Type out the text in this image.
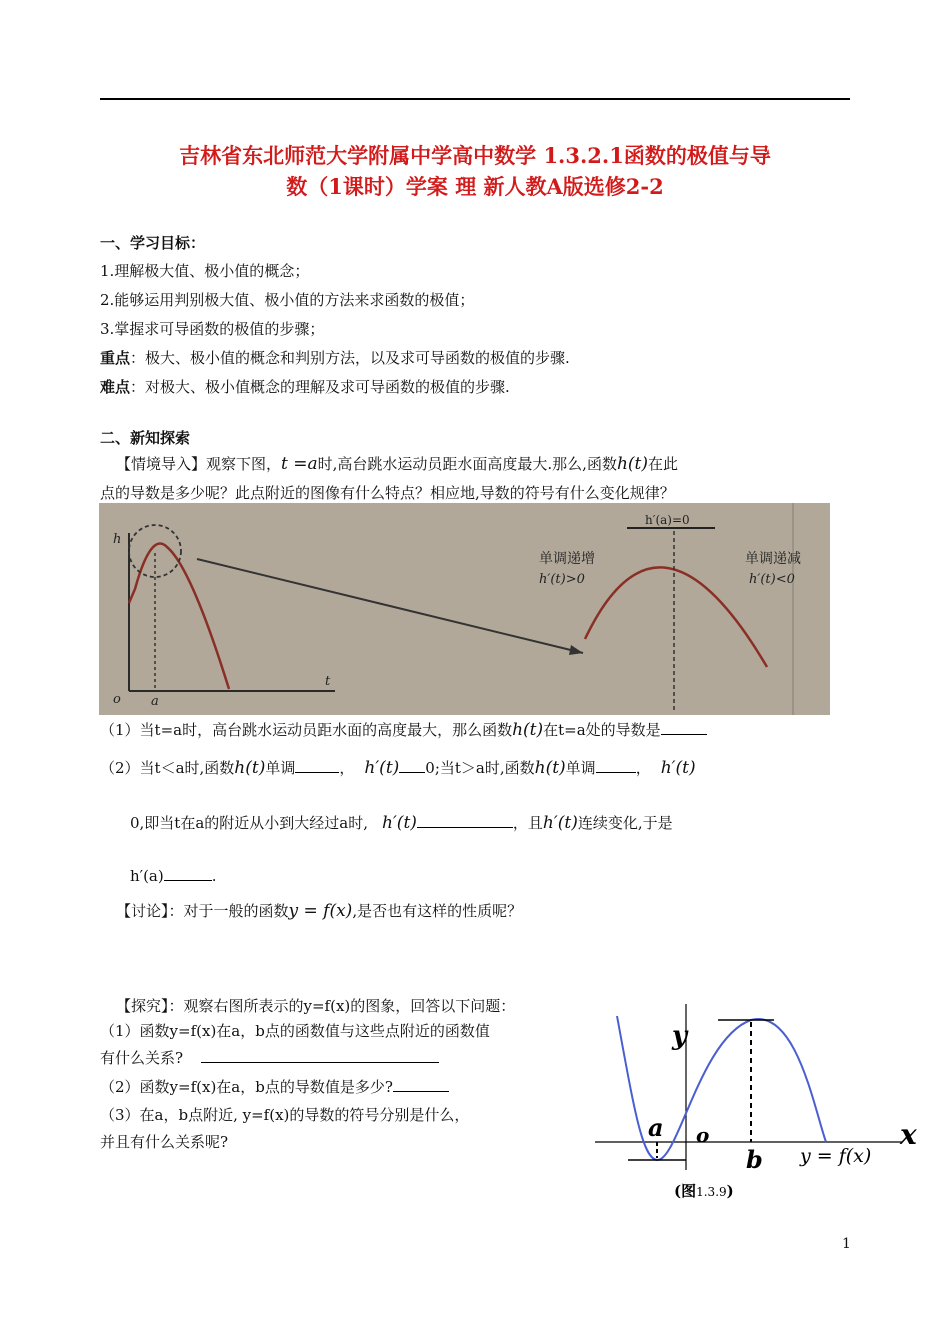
吉林省东北师范大学附属中学高中数学 1.3.2.1函数的极值与导
数（1课时）学案 理 新人教A版选修2-2
一、学习目标：
1.理解极大值、极小值的概念；
2.能够运用判别极大值、极小值的方法来求函数的极值；
3.掌握求可导函数的极值的步骤；
重点：极大、极小值的概念和判别方法，以及求可导函数的极值的步骤.
难点：对极大、极小值概念的理解及求可导函数的极值的步骤.
二、新知探索
【情境导入】观察下图，t =a时,高台跳水运动员距水面高度最大.那么,函数h(t)在此
点的导数是多少呢？此点附近的图像有什么特点？相应地,导数的符号有什么变化规律？
h
o a
t
h′(a)=0
单调递增
h′(t)>0
单调递减
h′(t)<0
（1）当t=a时，高台跳水运动员距水面的高度最大，那么函数h(t)在t=a处的导数是
（2）当t＜a时,函数h(t)单调	， h′(t) 0;当t＞a时,函数h(t)单调	， h′(t)
0,即当t在a的附近从小到大经过a时, h′(t)	，且h′(t)连续变化,于是
h′(a)	.
【讨论】：对于一般的函数y = f(x),是否也有这样的性质呢？
【探究】：观察右图所表示的y=f(x)的图象，回答以下问题：
（1）函数y=f(x)在a，b点的函数值与这些点附近的函数值
有什么关系?
（2）函数y=f(x)在a，b点的导数值是多少?
（3）在a，b点附近, y=f(x)的导数的符号分别是什么，
并且有什么关系呢?
y
x
o
a
b y = f(x)
(图1.3.9)
1
